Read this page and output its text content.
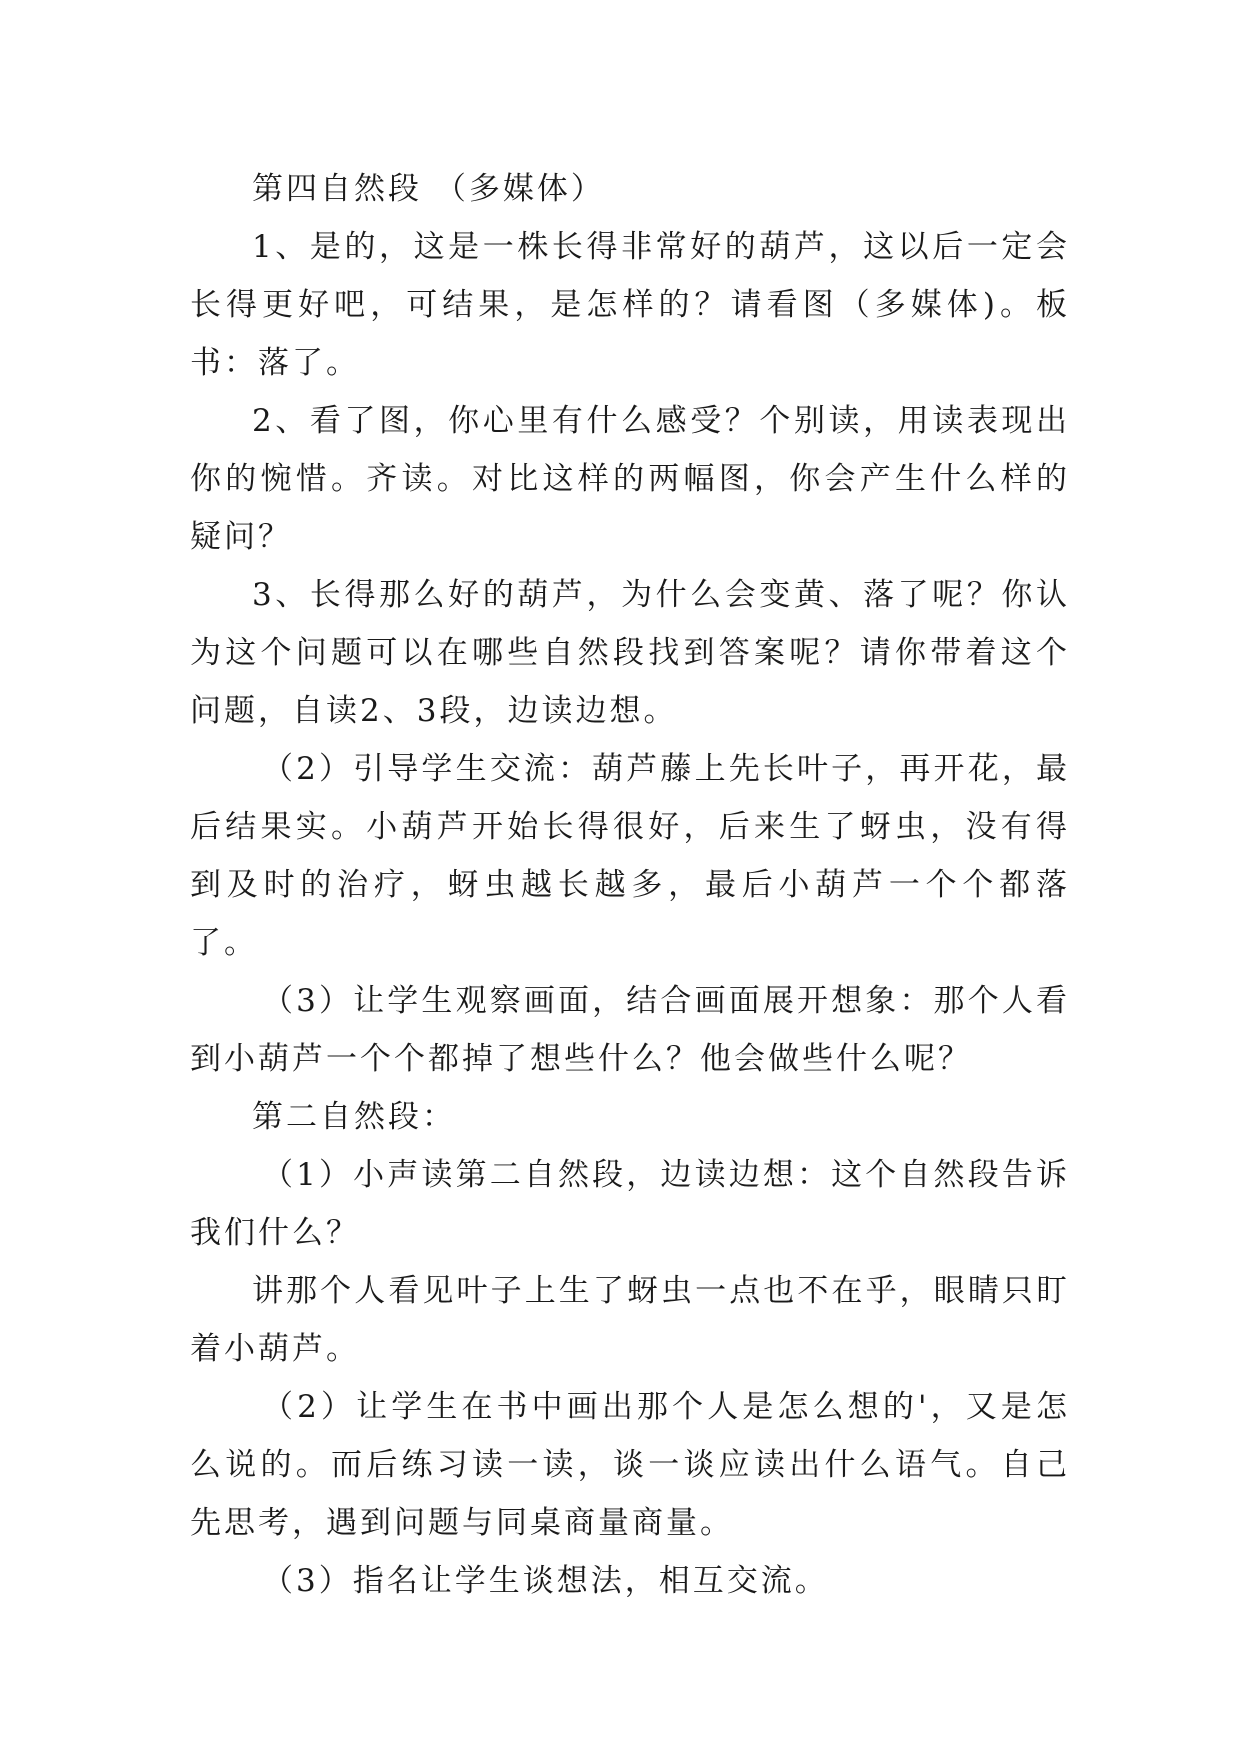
第四自然段 （多媒体）

1、是的，这是一株长得非常好的葫芦，这以后一定会长得更好吧，可结果，是怎样的？请看图（多媒体)。板书：落了。

2、看了图，你心里有什么感受？个别读，用读表现出你的惋惜。齐读。对比这样的两幅图，你会产生什么样的疑问？

3、长得那么好的葫芦，为什么会变黄、落了呢？你认为这个问题可以在哪些自然段找到答案呢？请你带着这个问题，自读2、3段，边读边想。

（2）引导学生交流：葫芦藤上先长叶子，再开花，最后结果实。小葫芦开始长得很好，后来生了蚜虫，没有得到及时的治疗，蚜虫越长越多，最后小葫芦一个个都落了。

（3）让学生观察画面，结合画面展开想象：那个人看到小葫芦一个个都掉了想些什么？他会做些什么呢？

第二自然段：

（1）小声读第二自然段，边读边想：这个自然段告诉我们什么？

讲那个人看见叶子上生了蚜虫一点也不在乎，眼睛只盯着小葫芦。

（2）让学生在书中画出那个人是怎么想的'，又是怎么说的。而后练习读一读，谈一谈应读出什么语气。自己先思考，遇到问题与同桌商量商量。

（3）指名让学生谈想法，相互交流。
